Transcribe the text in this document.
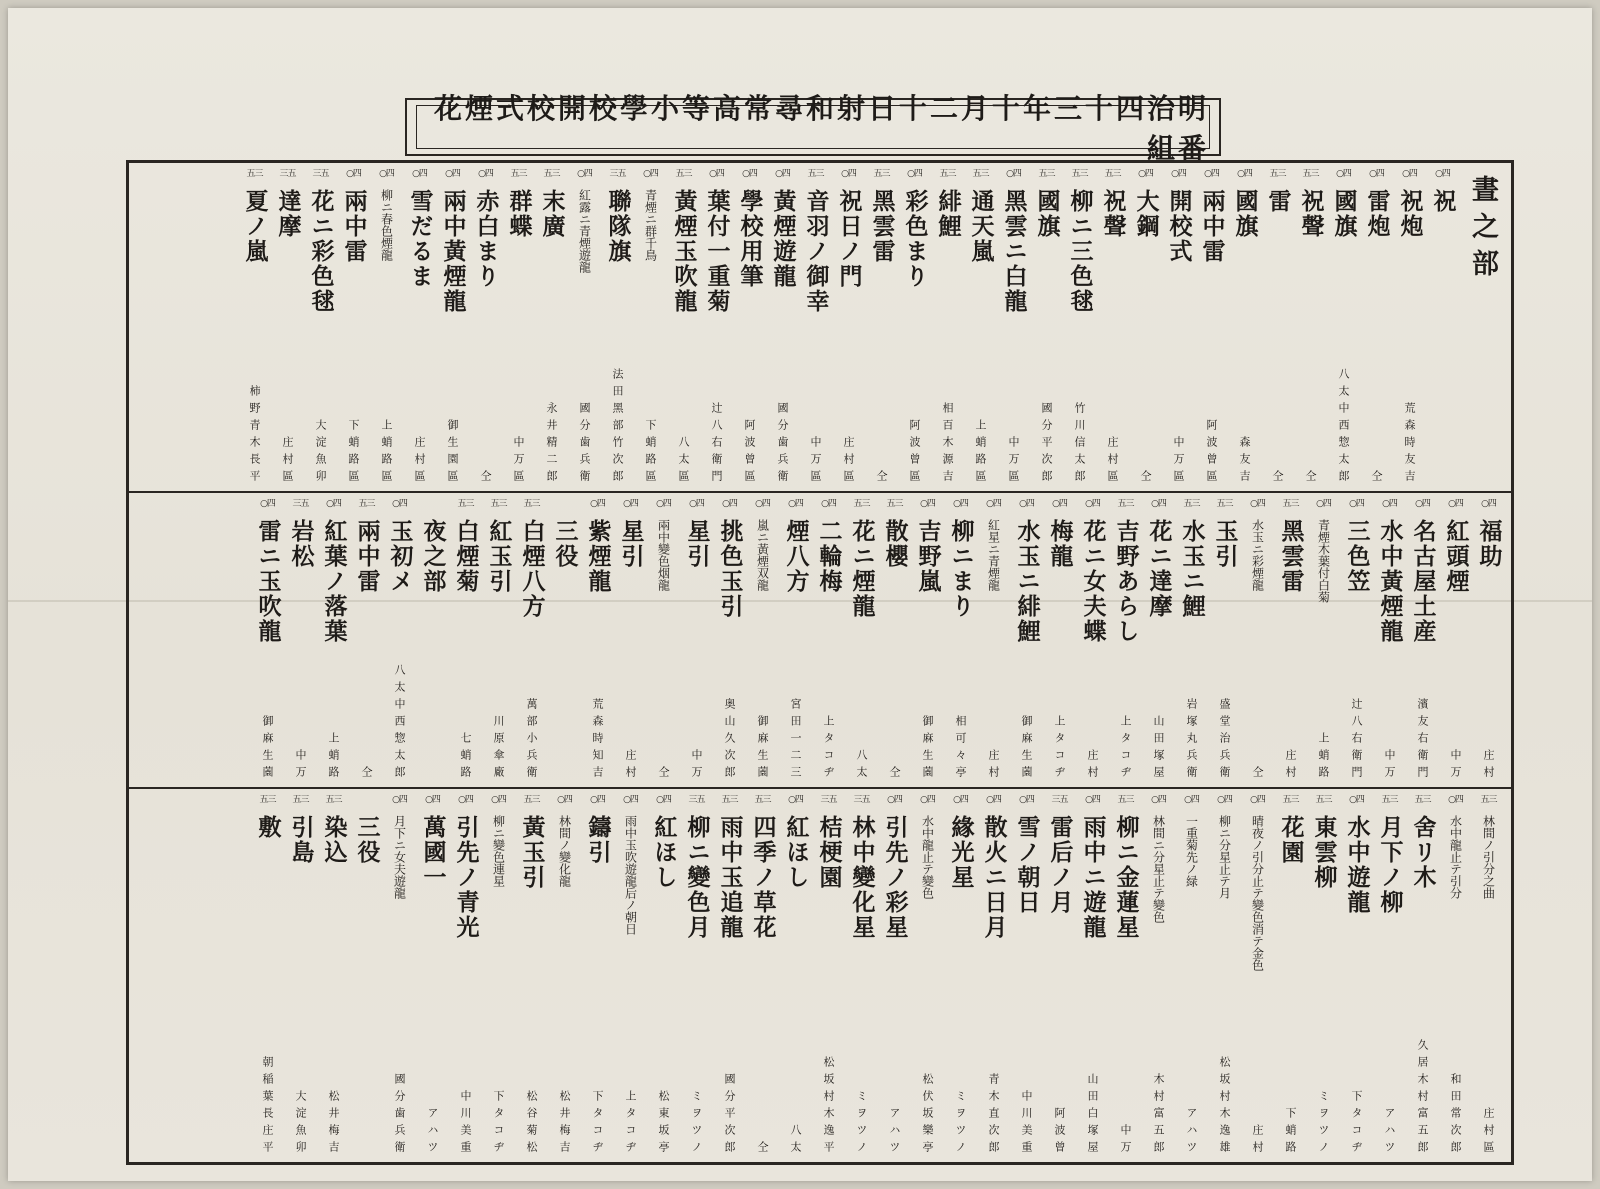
明治四十三年十月二十日射和尋常高等小學校開校式煙花番組
晝之部
○四
祝
○四
祝炮
荒森時友吉
○四
雷炮
仝
○四
國旗
八太中西惣太郎
五三
祝聲
仝
五三
雷
仝
○四
國旗
森友吉
○四
兩中雷
阿波曾區
○四
開校式
中万區
○四
大鋼
仝
五三
祝聲
庄村區
五三
柳ニ三色毬
竹川信太郎
五三
國旗
國分平次郎
○四
黑雲ニ白龍
中万區
五三
通天嵐
上蛸路區
五三
緋鯉
相百木源吉
○四
彩色まり
阿波曾區
五三
黑雲雷
仝
○四
祝日ノ門
庄村區
五三
音羽ノ御幸
中万區
○四
黃煙遊龍
國分歯兵衛
○四
學校用筆
阿波曾區
○四
葉付一重菊
辻八右衛門
五三
黃煙玉吹龍
八太區
○四
青煙ニ群千鳥
下蛸路區
三五
聯隊旗
法田黑部竹次郎
○四
紅露ニ青煙遊龍
國分歯兵衛
五三
末廣
永井精二郎
五三
群蝶
中万區
○四
赤白まり
仝
○四
兩中黃煙龍
御生園區
○四
雪だるま
庄村區
○四
柳ニ春色煙龍
上蛸路區
○四
兩中雷
下蛸路區
三五
花ニ彩色毬
大淀魚卯
三五
達摩
庄村區
五三
夏ノ嵐
柿野青木長平
○四
福助
庄村
○四
紅頭煙
中万
○四
名古屋土産
濱友右衛門
○四
水中黃煙龍
中万
○四
三色笠
辻八右衛門
○四
青煙木葉付白菊
上蛸路
五三
黑雲雷
庄村
○四
水玉ニ彩煙龍
仝
五三
玉引
盛堂治兵衛
五三
水玉ニ鯉
岩塚丸兵衛
○四
花ニ達摩
山田塚屋
五三
吉野あらし
上タコヂ
○四
花ニ女夫蝶
庄村
○四
梅龍
上タコヂ
○四
水玉ニ緋鯉
御麻生薗
○四
紅星ニ青煙龍
庄村
○四
柳ニまり
相可々亭
○四
吉野嵐
御麻生薗
五三
散櫻
仝
五三
花ニ煙龍
八太
○四
二輪梅
上タコヂ
○四
煙八方
宮田一二三
○四
嵐ニ黃煙双龍
御麻生薗
○四
挑色玉引
奥山久次郎
○四
星引
中万
○四
兩中變色烟龍
仝
○四
星引
庄村
○四
紫煙龍
荒森時知吉
三役
五三
白煙八方
萬部小兵衛
五三
紅玉引
川原傘廠
五三
白煙菊
七蛸路
夜之部
○四
玉初メ
八太中西惣太郎
五三
兩中雷
仝
○四
紅葉ノ落葉
上蛸路
三五
岩松
中万
○四
雷ニ玉吹龍
御麻生薗
五三
林間ノ引分之曲
庄村區
○四
水中龍止テ引分
和田常次郎
五三
舍リ木
久居木村富五郎
五三
月下ノ柳
アハツ
○四
水中遊龍
下タコヂ
五三
東雲柳
ミヲツノ
五三
花園
下蛸路
○四
晴夜ノ引分止テ變色消テ金色
庄村
○四
柳ニ分星止テ月
松坂村木逸雄
○四
一重菊先ノ緑
アハツ
○四
林間ニ分星止テ變色
木村富五郎
五三
柳ニ金蓮星
中万
○四
雨中ニ遊龍
山田白塚屋
三五
雷后ノ月
阿波曾
○四
雪ノ朝日
中川美重
○四
散火ニ日月
青木直次郎
○四
緣光星
ミヲツノ
○四
水中龍止テ變色
松伏坂樂亭
○四
引先ノ彩星
アハツ
三五
林中變化星
ミヲツノ
三五
桔梗園
松坂村木逸平
○四
紅ほし
八太
五三
四季ノ草花
仝
五三
雨中玉追龍
國分平次郎
三五
柳ニ變色月
ミヲツノ
○四
紅ほし
松東坂亭
○四
雨中玉吹遊龍后ノ朝日
上タコヂ
○四
鑄引
下タコヂ
○四
林間ノ變化龍
松井梅吉
五三
黃玉引
松谷菊松
○四
柳ニ變色連星
下タコヂ
○四
引先ノ青光
中川美重
○四
萬國一
アハツ
○四
月下ニ女夫遊龍
國分歯兵衛
三役
五三
染込
松井梅吉
五三
引島
大淀魚卯
五三
敷
朝稲葉長庄平
